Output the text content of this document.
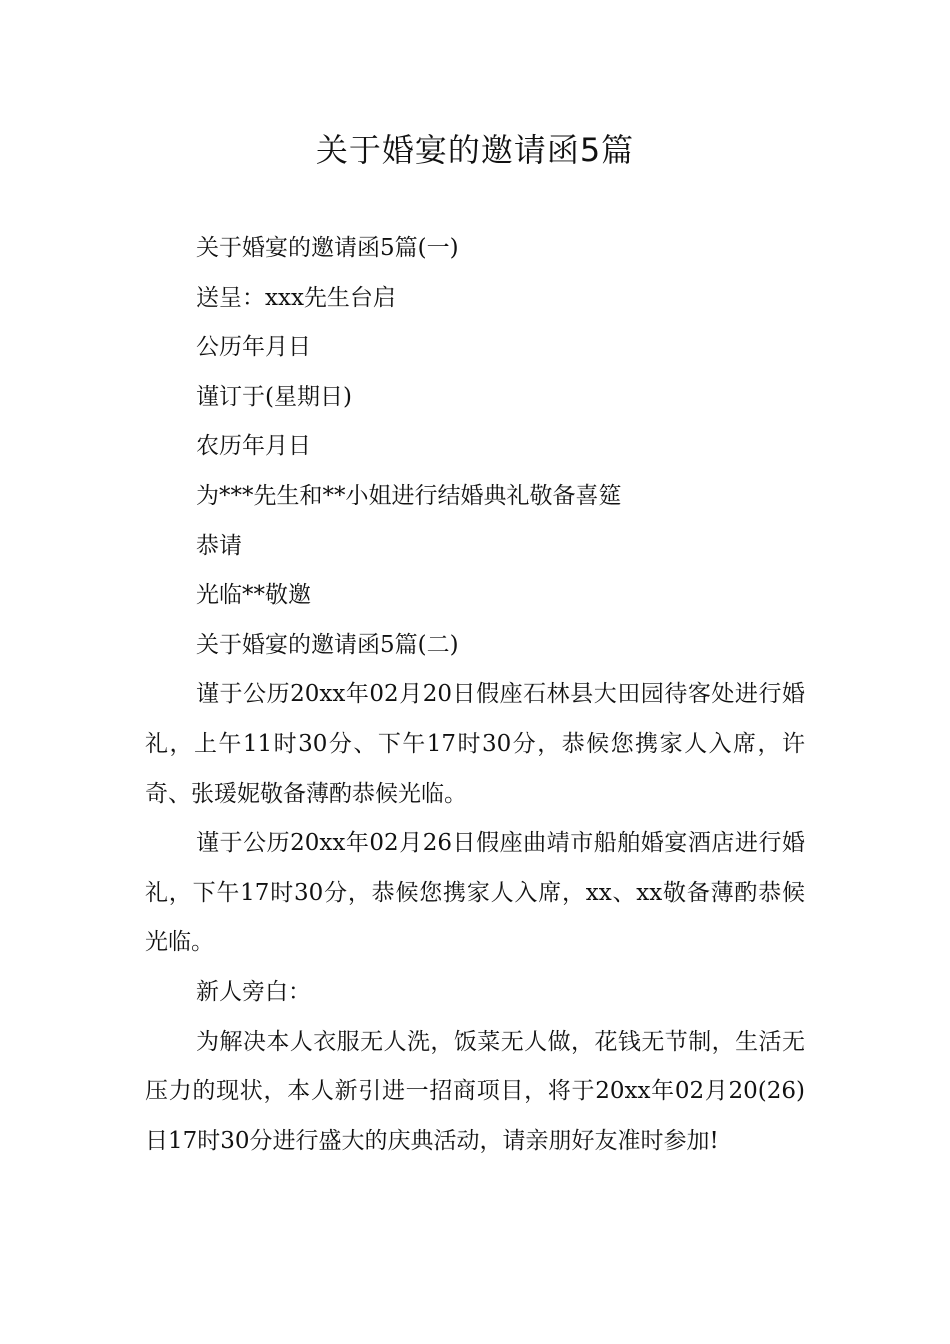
关于婚宴的邀请函5篇

关于婚宴的邀请函5篇(一)

送呈：xxx先生台启

公历年月日

谨订于(星期日)

农历年月日

为***先生和**小姐进行结婚典礼敬备喜筵

恭请

光临**敬邀

关于婚宴的邀请函5篇(二)

谨于公历20xx年02月20日假座石林县大田园待客处进行婚礼，上午11时30分、下午17时30分，恭候您携家人入席，许奇、张瑗妮敬备薄酌恭候光临。

谨于公历20xx年02月26日假座曲靖市船舶婚宴酒店进行婚礼，下午17时30分，恭候您携家人入席，xx、xx敬备薄酌恭候光临。

新人旁白：

为解决本人衣服无人洗，饭菜无人做，花钱无节制，生活无压力的现状，本人新引进一招商项目，将于20xx年02月20(26)日17时30分进行盛大的庆典活动，请亲朋好友准时参加!
